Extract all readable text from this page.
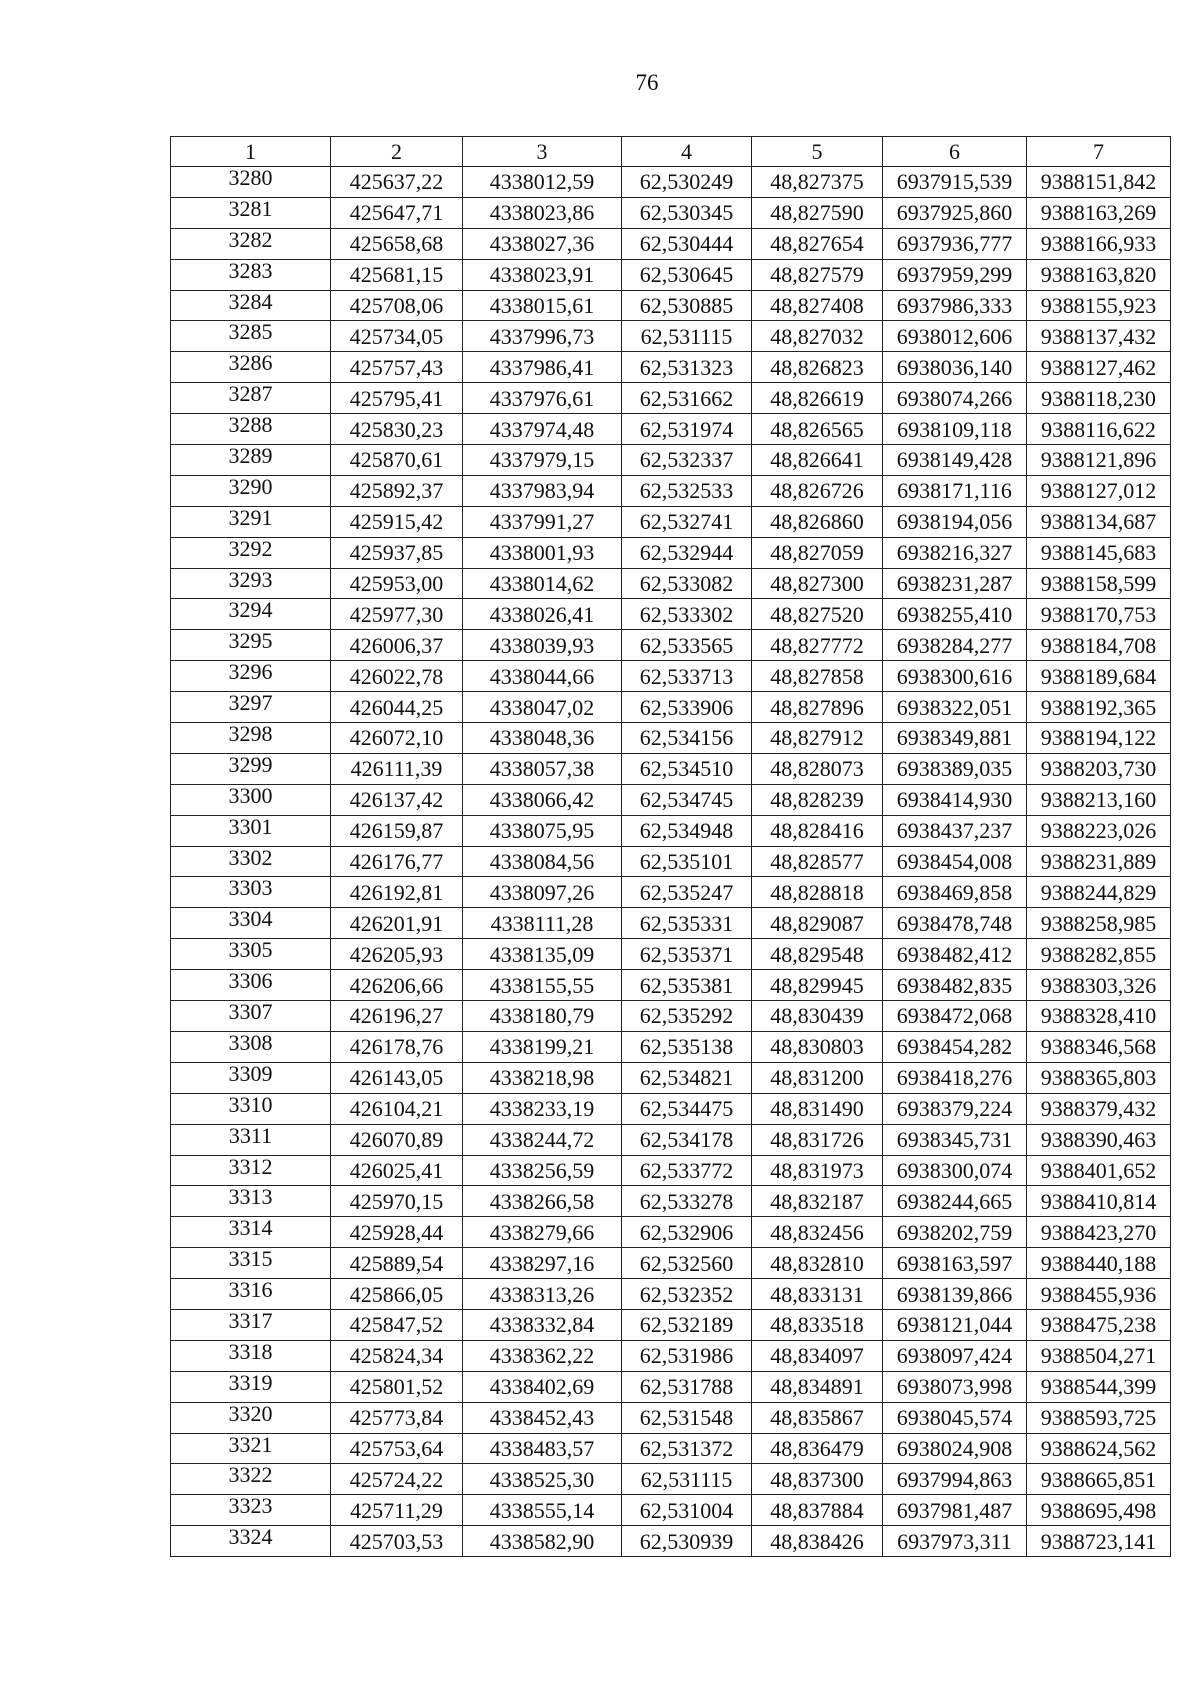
76
1	2	3	4	5	6	7
3280	425637,22	4338012,59	62,530249	48,827375	6937915,539	9388151,842
3281	425647,71	4338023,86	62,530345	48,827590	6937925,860	9388163,269
3282	425658,68	4338027,36	62,530444	48,827654	6937936,777	9388166,933
3283	425681,15	4338023,91	62,530645	48,827579	6937959,299	9388163,820
3284	425708,06	4338015,61	62,530885	48,827408	6937986,333	9388155,923
3285	425734,05	4337996,73	62,531115	48,827032	6938012,606	9388137,432
3286	425757,43	4337986,41	62,531323	48,826823	6938036,140	9388127,462
3287	425795,41	4337976,61	62,531662	48,826619	6938074,266	9388118,230
3288	425830,23	4337974,48	62,531974	48,826565	6938109,118	9388116,622
3289	425870,61	4337979,15	62,532337	48,826641	6938149,428	9388121,896
3290	425892,37	4337983,94	62,532533	48,826726	6938171,116	9388127,012
3291	425915,42	4337991,27	62,532741	48,826860	6938194,056	9388134,687
3292	425937,85	4338001,93	62,532944	48,827059	6938216,327	9388145,683
3293	425953,00	4338014,62	62,533082	48,827300	6938231,287	9388158,599
3294	425977,30	4338026,41	62,533302	48,827520	6938255,410	9388170,753
3295	426006,37	4338039,93	62,533565	48,827772	6938284,277	9388184,708
3296	426022,78	4338044,66	62,533713	48,827858	6938300,616	9388189,684
3297	426044,25	4338047,02	62,533906	48,827896	6938322,051	9388192,365
3298	426072,10	4338048,36	62,534156	48,827912	6938349,881	9388194,122
3299	426111,39	4338057,38	62,534510	48,828073	6938389,035	9388203,730
3300	426137,42	4338066,42	62,534745	48,828239	6938414,930	9388213,160
3301	426159,87	4338075,95	62,534948	48,828416	6938437,237	9388223,026
3302	426176,77	4338084,56	62,535101	48,828577	6938454,008	9388231,889
3303	426192,81	4338097,26	62,535247	48,828818	6938469,858	9388244,829
3304	426201,91	4338111,28	62,535331	48,829087	6938478,748	9388258,985
3305	426205,93	4338135,09	62,535371	48,829548	6938482,412	9388282,855
3306	426206,66	4338155,55	62,535381	48,829945	6938482,835	9388303,326
3307	426196,27	4338180,79	62,535292	48,830439	6938472,068	9388328,410
3308	426178,76	4338199,21	62,535138	48,830803	6938454,282	9388346,568
3309	426143,05	4338218,98	62,534821	48,831200	6938418,276	9388365,803
3310	426104,21	4338233,19	62,534475	48,831490	6938379,224	9388379,432
3311	426070,89	4338244,72	62,534178	48,831726	6938345,731	9388390,463
3312	426025,41	4338256,59	62,533772	48,831973	6938300,074	9388401,652
3313	425970,15	4338266,58	62,533278	48,832187	6938244,665	9388410,814
3314	425928,44	4338279,66	62,532906	48,832456	6938202,759	9388423,270
3315	425889,54	4338297,16	62,532560	48,832810	6938163,597	9388440,188
3316	425866,05	4338313,26	62,532352	48,833131	6938139,866	9388455,936
3317	425847,52	4338332,84	62,532189	48,833518	6938121,044	9388475,238
3318	425824,34	4338362,22	62,531986	48,834097	6938097,424	9388504,271
3319	425801,52	4338402,69	62,531788	48,834891	6938073,998	9388544,399
3320	425773,84	4338452,43	62,531548	48,835867	6938045,574	9388593,725
3321	425753,64	4338483,57	62,531372	48,836479	6938024,908	9388624,562
3322	425724,22	4338525,30	62,531115	48,837300	6937994,863	9388665,851
3323	425711,29	4338555,14	62,531004	48,837884	6937981,487	9388695,498
3324	425703,53	4338582,90	62,530939	48,838426	6937973,311	9388723,141
